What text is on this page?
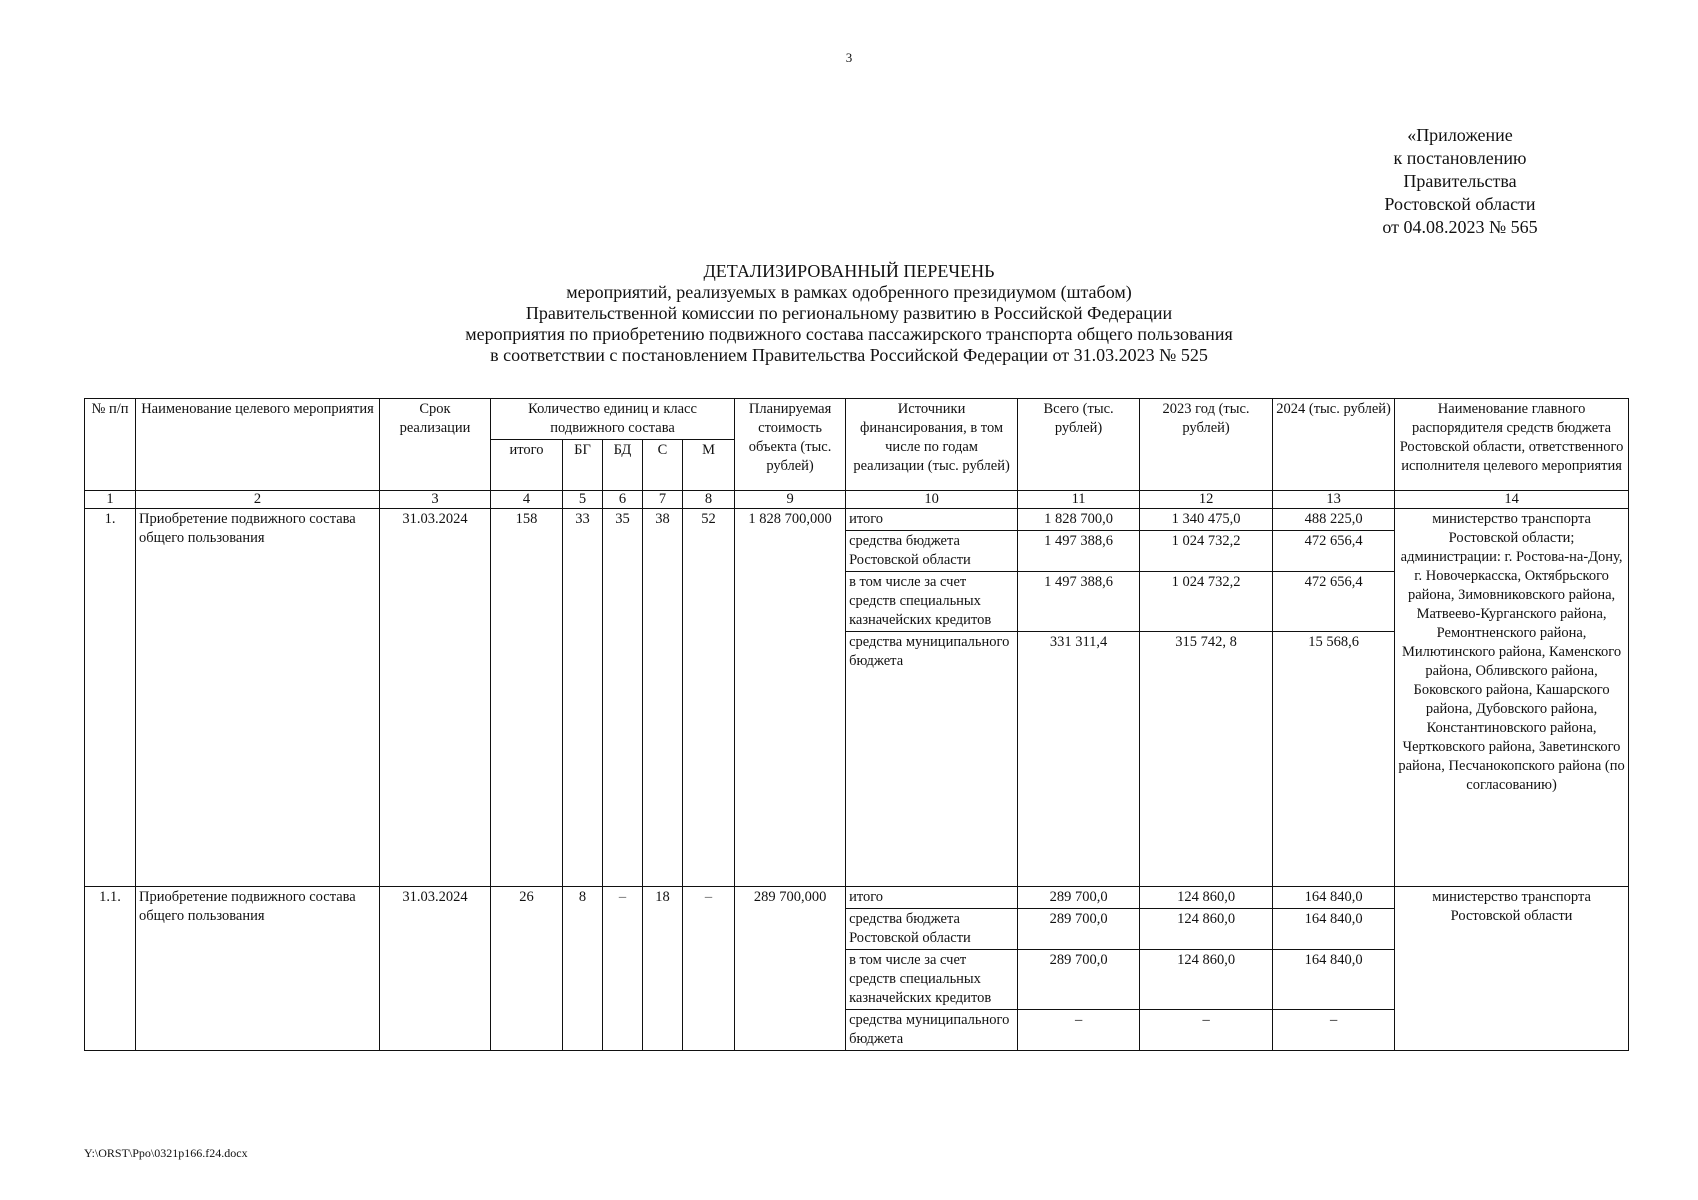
3
«Приложение
к постановлению
Правительства
Ростовской области
от 04.08.2023 № 565
ДЕТАЛИЗИРОВАННЫЙ ПЕРЕЧЕНЬ
мероприятий, реализуемых в рамках одобренного президиумом (штабом)
Правительственной комиссии по региональному развитию в Российской Федерации
мероприятия по приобретению подвижного состава пассажирского транспорта общего пользования
в соответствии с постановлением Правительства Российской Федерации от 31.03.2023 № 525
№ п/п	Наименование целевого мероприятия	Срок реализации	Количество единиц и класс подвижного состава					Планируемая стоимость объекта (тыс. рублей)	Источники финансирования, в том числе по годам реализации (тыс. рублей)	Всего (тыс. рублей)	2023 год (тыс. рублей)	2024 (тыс. рублей)	Наименование главного распорядителя средств бюджета Ростовской области, ответственного исполнителя целевого мероприятия
			итого	БГ	БД	С	М						
1	2	3	4	5	6	7	8	9	10	11	12	13	14
1.	Приобретение подвижного состава общего пользования	31.03.2024	158	33	35	38	52	1 828 700,000	итого	1 828 700,0	1 340 475,0	488 225,0	министерство транспорта Ростовской области; администрации: г. Ростова-на-Дону, г. Новочеркасска, Октябрьского района, Зимовниковского района, Матвеево-Курганского района, Ремонтненского района, Милютинского района, Каменского района, Обливского района, Боковского района, Кашарского района, Дубовского района, Константиновского района, Чертковского района, Заветинского района, Песчанокопского района (по согласованию)
									средства бюджета Ростовской области	1 497 388,6	1 024 732,2	472 656,4	
									в том числе за счет средств специальных казначейских кредитов	1 497 388,6	1 024 732,2	472 656,4	
									средства муниципального бюджета	331 311,4	315 742, 8	15 568,6	
1.1.	Приобретение подвижного состава общего пользования	31.03.2024	26	8	–	18	–	289 700,000	итого	289 700,0	124 860,0	164 840,0	министерство транспорта Ростовской области
									средства бюджета Ростовской области	289 700,0	124 860,0	164 840,0	
									в том числе за счет средств специальных казначейских кредитов	289 700,0	124 860,0	164 840,0	
									средства муниципального бюджета	–	–	–	
Y:\ORST\Ppo\0321p166.f24.docx
